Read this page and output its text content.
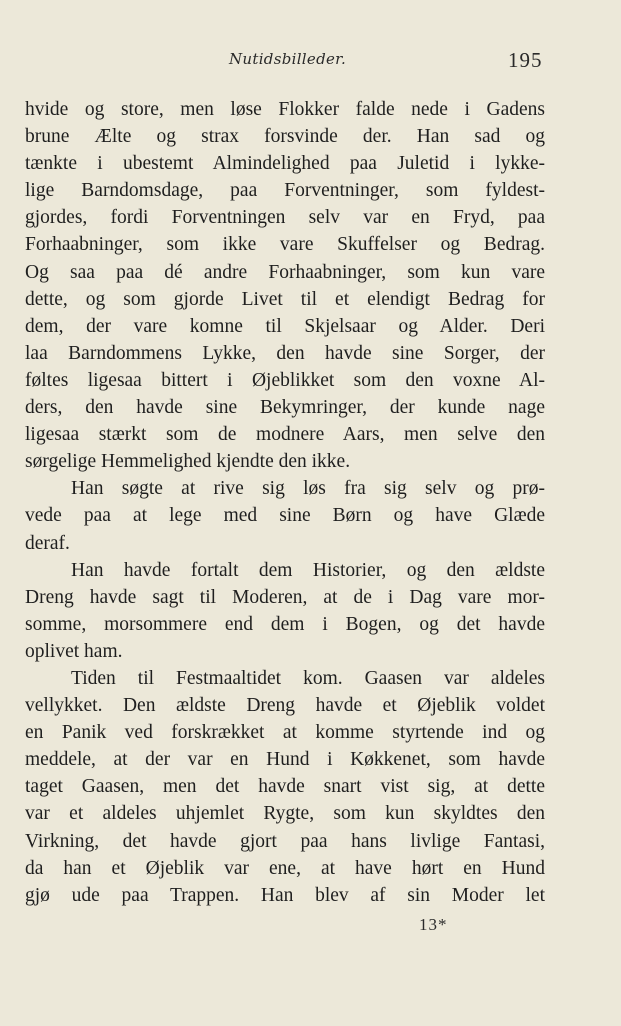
Nutidsbilleder.	195
hvide og store, men løse Flokker falde nede i Gadens
brune Ælte og strax forsvinde der. Han sad og
tænkte i ubestemt Almindelighed paa Juletid i lykke-
lige Barndomsdage, paa Forventninger, som fyldest-
gjordes, fordi Forventningen selv var en Fryd, paa
Forhaabninger, som ikke vare Skuffelser og Bedrag.
Og saa paa dé andre Forhaabninger, som kun vare
dette, og som gjorde Livet til et elendigt Bedrag for
dem, der vare komne til Skjelsaar og Alder. Deri
laa Barndommens Lykke, den havde sine Sorger, der
føltes ligesaa bittert i Øjeblikket som den voxne Al-
ders, den havde sine Bekymringer, der kunde nage
ligesaa stærkt som de modnere Aars, men selve den
sørgelige Hemmelighed kjendte den ikke.
Han søgte at rive sig løs fra sig selv og prø-
vede paa at lege med sine Børn og have Glæde
deraf.
Han havde fortalt dem Historier, og den ældste
Dreng havde sagt til Moderen, at de i Dag vare mor-
somme, morsommere end dem i Bogen, og det havde
oplivet ham.
Tiden til Festmaaltidet kom. Gaasen var aldeles
vellykket. Den ældste Dreng havde et Øjeblik voldet
en Panik ved forskrækket at komme styrtende ind og
meddele, at der var en Hund i Køkkenet, som havde
taget Gaasen, men det havde snart vist sig, at dette
var et aldeles uhjemlet Rygte, som kun skyldtes den
Virkning, det havde gjort paa hans livlige Fantasi,
da han et Øjeblik var ene, at have hørt en Hund
gjø ude paa Trappen. Han blev af sin Moder let
13*
